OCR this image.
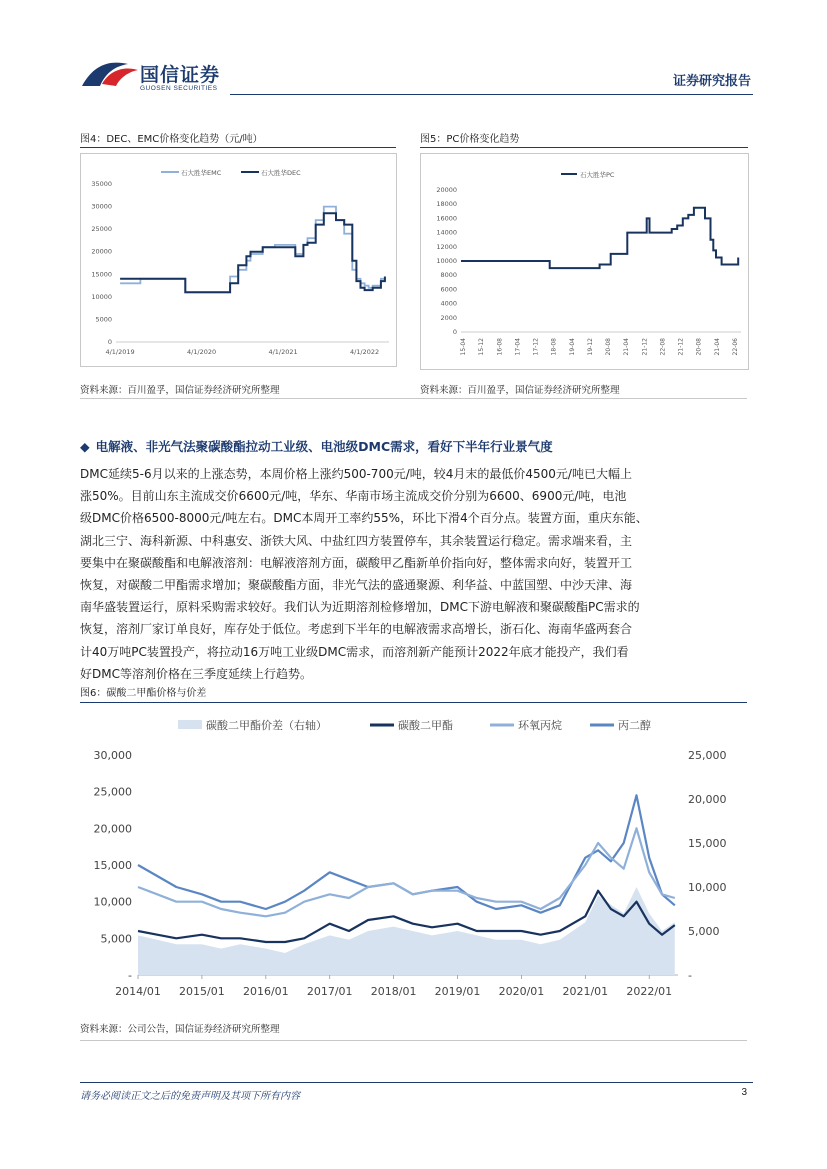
国信证券
GUOSEN SECURITIES	证券研究报告
图4：DEC、EMC价格变化趋势（元/吨）
石大胜华EMC	石大胜华DEC
0
5000
10000
15000
20000
25000
30000
35000
4/1/2019	4/1/2020	4/1/2021	4/1/2022
资料来源：百川盈孚，国信证券经济研究所整理
图5：PC价格变化趋势
石大胜华PC
0
2000
4000
6000
8000
10000
12000
14000
16000
18000
20000
15-04 15-12 16-08 17-04 17-12 18-08 19-04 19-12 20-08 21-04 21-12 22-08 21-12 20-08 21-04 22-06
资料来源：百川盈孚，国信证券经济研究所整理
◆ 电解液、非光气法聚碳酸酯拉动工业级、电池级DMC需求，看好下半年行业景气度
DMC延续5-6月以来的上涨态势，本周价格上涨约500-700元/吨，较4月末的最低价4500元/吨已大幅上
涨50%。目前山东主流成交价6600元/吨，华东、华南市场主流成交价分别为6600、6900元/吨，电池
级DMC价格6500-8000元/吨左右。DMC本周开工率约55%，环比下滑4个百分点。装置方面，重庆东能、
湖北三宁、海科新源、中科惠安、浙铁大风、中盐红四方装置停车，其余装置运行稳定。需求端来看，主
要集中在聚碳酸酯和电解液溶剂：电解液溶剂方面，碳酸甲乙酯新单价指向好，整体需求向好，装置开工
恢复，对碳酸二甲酯需求增加；聚碳酸酯方面，非光气法的盛通聚源、利华益、中蓝国塑、中沙天津、海
南华盛装置运行，原料采购需求较好。我们认为近期溶剂检修增加，DMC下游电解液和聚碳酸酯PC需求的
恢复，溶剂厂家订单良好，库存处于低位。考虑到下半年的电解液需求高增长，浙石化、海南华盛两套合
计40万吨PC装置投产，将拉动16万吨工业级DMC需求，而溶剂新产能预计2022年底才能投产，我们看
好DMC等溶剂价格在三季度延续上行趋势。
图6：碳酸二甲酯价格与价差
碳酸二甲酯价差（右轴）	碳酸二甲酯	环氧丙烷	丙二醇
-
5,000
10,000
15,000
20,000
25,000
30,000
-
5,000
10,000
15,000
20,000
25,000
2014/01 2015/01 2016/01 2017/01 2018/01 2019/01 2020/01 2021/01 2022/01
资料来源：公司公告，国信证券经济研究所整理
请务必阅读正文之后的免责声明及其项下所有内容	3
